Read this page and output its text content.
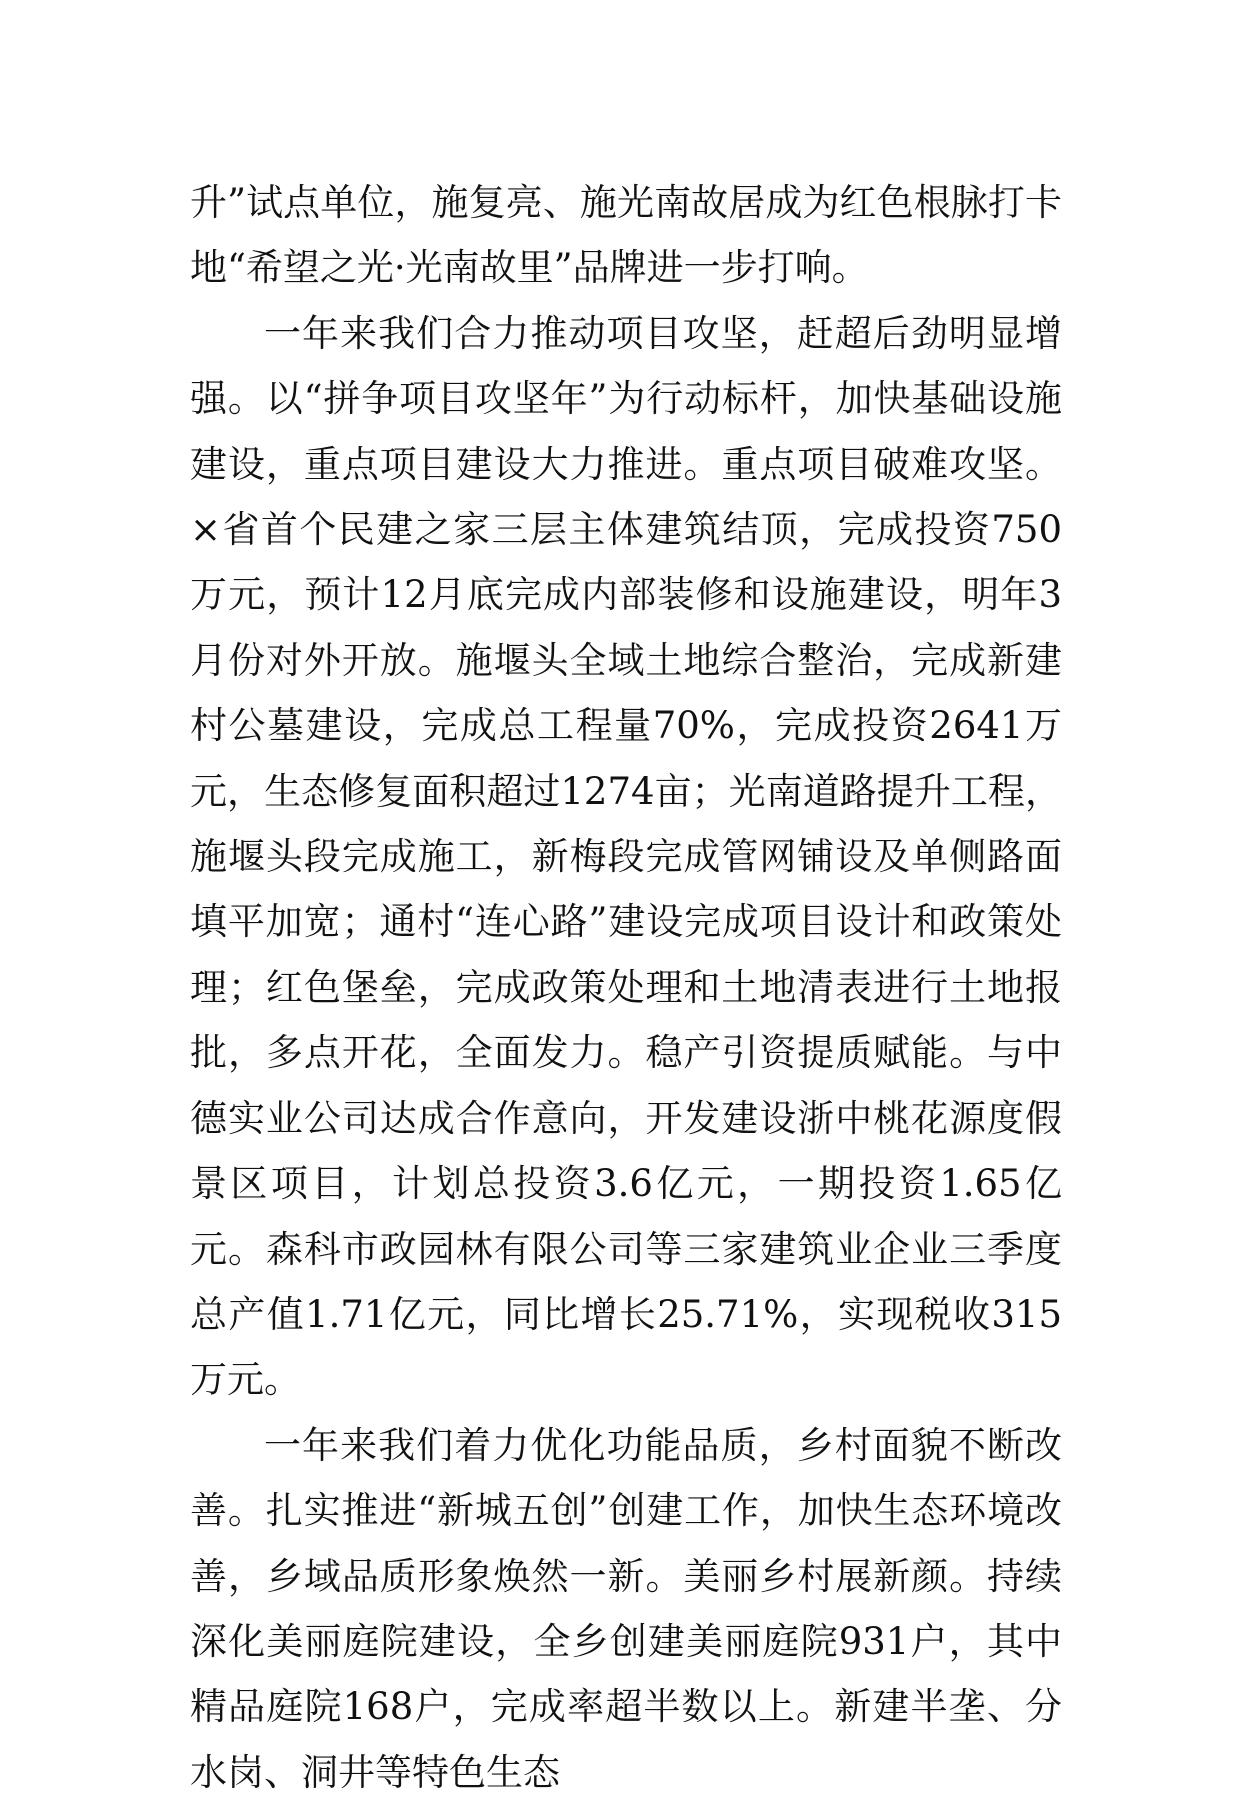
升”试点单位，施复亮、施光南故居成为红色根脉打卡地“希望之光·光南故里”品牌进一步打响。

一年来我们合力推动项目攻坚，赶超后劲明显增强。以“拼争项目攻坚年”为行动标杆，加快基础设施建设，重点项目建设大力推进。重点项目破难攻坚。×省首个民建之家三层主体建筑结顶，完成投资750万元，预计12月底完成内部装修和设施建设，明年3月份对外开放。施堰头全域土地综合整治，完成新建村公墓建设，完成总工程量70%，完成投资2641万元，生态修复面积超过1274亩；光南道路提升工程，施堰头段完成施工，新梅段完成管网铺设及单侧路面填平加宽；通村“连心路”建设完成项目设计和政策处理；红色堡垒，完成政策处理和土地清表进行土地报批，多点开花，全面发力。稳产引资提质赋能。与中德实业公司达成合作意向，开发建设浙中桃花源度假景区项目，计划总投资3.6亿元，一期投资1.65亿元。森科市政园林有限公司等三家建筑业企业三季度总产值1.71亿元，同比增长25.71%，实现税收315万元。

一年来我们着力优化功能品质，乡村面貌不断改善。扎实推进“新城五创”创建工作，加快生态环境改善，乡域品质形象焕然一新。美丽乡村展新颜。持续深化美丽庭院建设，全乡创建美丽庭院931户，其中精品庭院168户，完成率超半数以上。新建半垄、分水岗、洞井等特色生态
